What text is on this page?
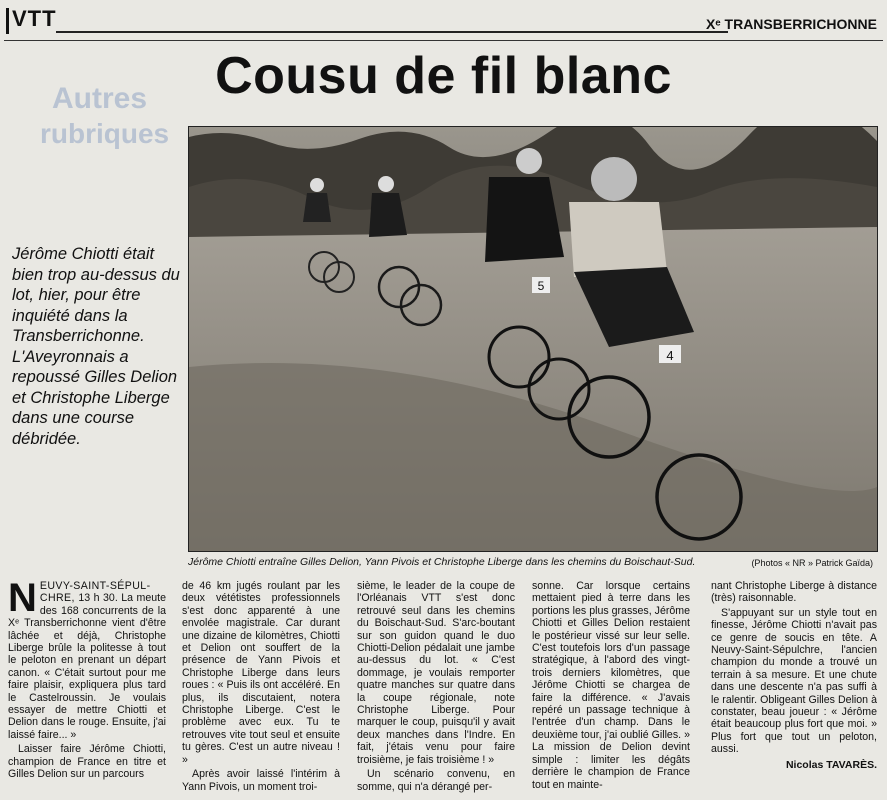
VTT	Xᵉ TRANSBERRICHONNE
Autres
rubriques
Cousu de fil blanc
Jérôme Chiotti était bien trop au-dessus du lot, hier, pour être inquiété dans la Transberrichonne. L'Aveyronnais a repoussé Gilles Delion et Christophe Liberge dans une course débridée.
5
4
Jérôme Chiotti entraîne Gilles Delion, Yann Pivois et Christophe Liberge dans les chemins du Boischaut-Sud.	(Photos « NR » Patrick Gaïda)

NEUVY-SAINT-SÉPUL-CHRE, 13 h 30. La meute des 168 concurrents de la Xᵉ Transberrichonne vient d'être lâchée et déjà, Christophe Liberge brûle la politesse à tout le peloton en prenant un départ canon. « C'était surtout pour me faire plaisir, expliquera plus tard le Castelroussin. Je voulais essayer de mettre Chiotti et Delion dans le rouge. Ensuite, j'ai laissé faire... »

Laisser faire Jérôme Chiotti, champion de France en titre et Gilles Delion sur un parcours

de 46 km jugés roulant par les deux vététistes professionnels s'est donc apparenté à une envolée magistrale. Car durant une dizaine de kilomètres, Chiotti et Delion ont souffert de la présence de Yann Pivois et Christophe Liberge dans leurs roues : « Puis ils ont accéléré. En plus, ils discutaient, notera Christophe Liberge. C'est le problème avec eux. Tu te retrouves vite tout seul et ensuite tu gères. C'est un autre niveau ! »

Après avoir laissé l'intérim à Yann Pivois, un moment troi-

sième, le leader de la coupe de l'Orléanais VTT s'est donc retrouvé seul dans les chemins du Boischaut-Sud. S'arc-boutant sur son guidon quand le duo Chiotti-Delion pédalait une jambe au-dessus du lot. « C'est dommage, je voulais remporter quatre manches sur quatre dans la coupe régionale, note Christophe Liberge. Pour marquer le coup, puisqu'il y avait deux manches dans l'Indre. En fait, j'étais venu pour faire troisième, je fais troisième ! »

Un scénario convenu, en somme, qui n'a dérangé per-

sonne. Car lorsque certains mettaient pied à terre dans les portions les plus grasses, Jérôme Chiotti et Gilles Delion restaient le postérieur vissé sur leur selle. C'est toutefois lors d'un passage stratégique, à l'abord des vingt-trois derniers kilomètres, que Jérôme Chiotti se chargea de faire la différence. « J'avais repéré un passage technique à l'entrée d'un champ. Dans le deuxième tour, j'ai oublié Gilles. » La mission de Delion devint simple : limiter les dégâts derrière le champion de France tout en mainte-

nant Christophe Liberge à distance (très) raisonnable.

S'appuyant sur un style tout en finesse, Jérôme Chiotti n'avait pas ce genre de soucis en tête. A Neuvy-Saint-Sépulchre, l'ancien champion du monde a trouvé un terrain à sa mesure. Et une chute dans une descente n'a pas suffi à le ralentir. Obligeant Gilles Delion à constater, beau joueur : « Jérôme était beaucoup plus fort que moi. » Plus fort que tout un peloton, aussi.

Nicolas TAVARÈS.
